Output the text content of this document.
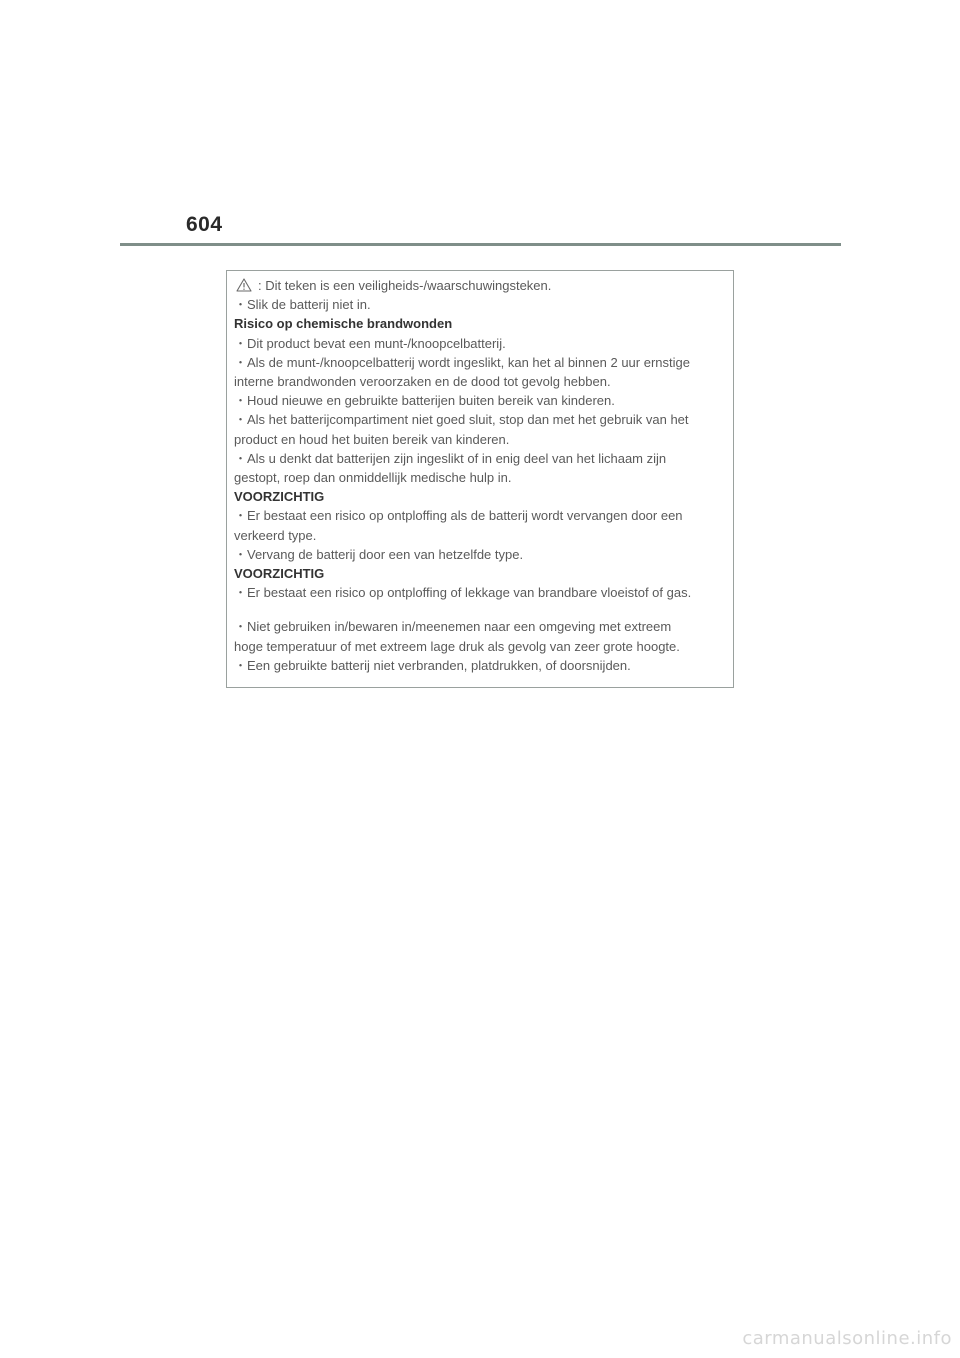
604
: Dit teken is een veiligheids-/waarschuwingsteken.
・Slik de batterij niet in.
Risico op chemische brandwonden
・Dit product bevat een munt-/knoopcelbatterij.
・Als de munt-/knoopcelbatterij wordt ingeslikt, kan het al binnen 2 uur ernstige
interne brandwonden veroorzaken en de dood tot gevolg hebben.
・Houd nieuwe en gebruikte batterijen buiten bereik van kinderen.
・Als het batterijcompartiment niet goed sluit, stop dan met het gebruik van het
product en houd het buiten bereik van kinderen.
・Als u denkt dat batterijen zijn ingeslikt of in enig deel van het lichaam zijn
gestopt, roep dan onmiddellijk medische hulp in.
VOORZICHTIG
・Er bestaat een risico op ontploffing als de batterij wordt vervangen door een
verkeerd type.
・Vervang de batterij door een van hetzelfde type.
VOORZICHTIG
・Er bestaat een risico op ontploffing of lekkage van brandbare vloeistof of gas.
・Niet gebruiken in/bewaren in/meenemen naar een omgeving met extreem
hoge temperatuur of met extreem lage druk als gevolg van zeer grote hoogte.
・Een gebruikte batterij niet verbranden, platdrukken, of doorsnijden.
carmanualsonline.info
